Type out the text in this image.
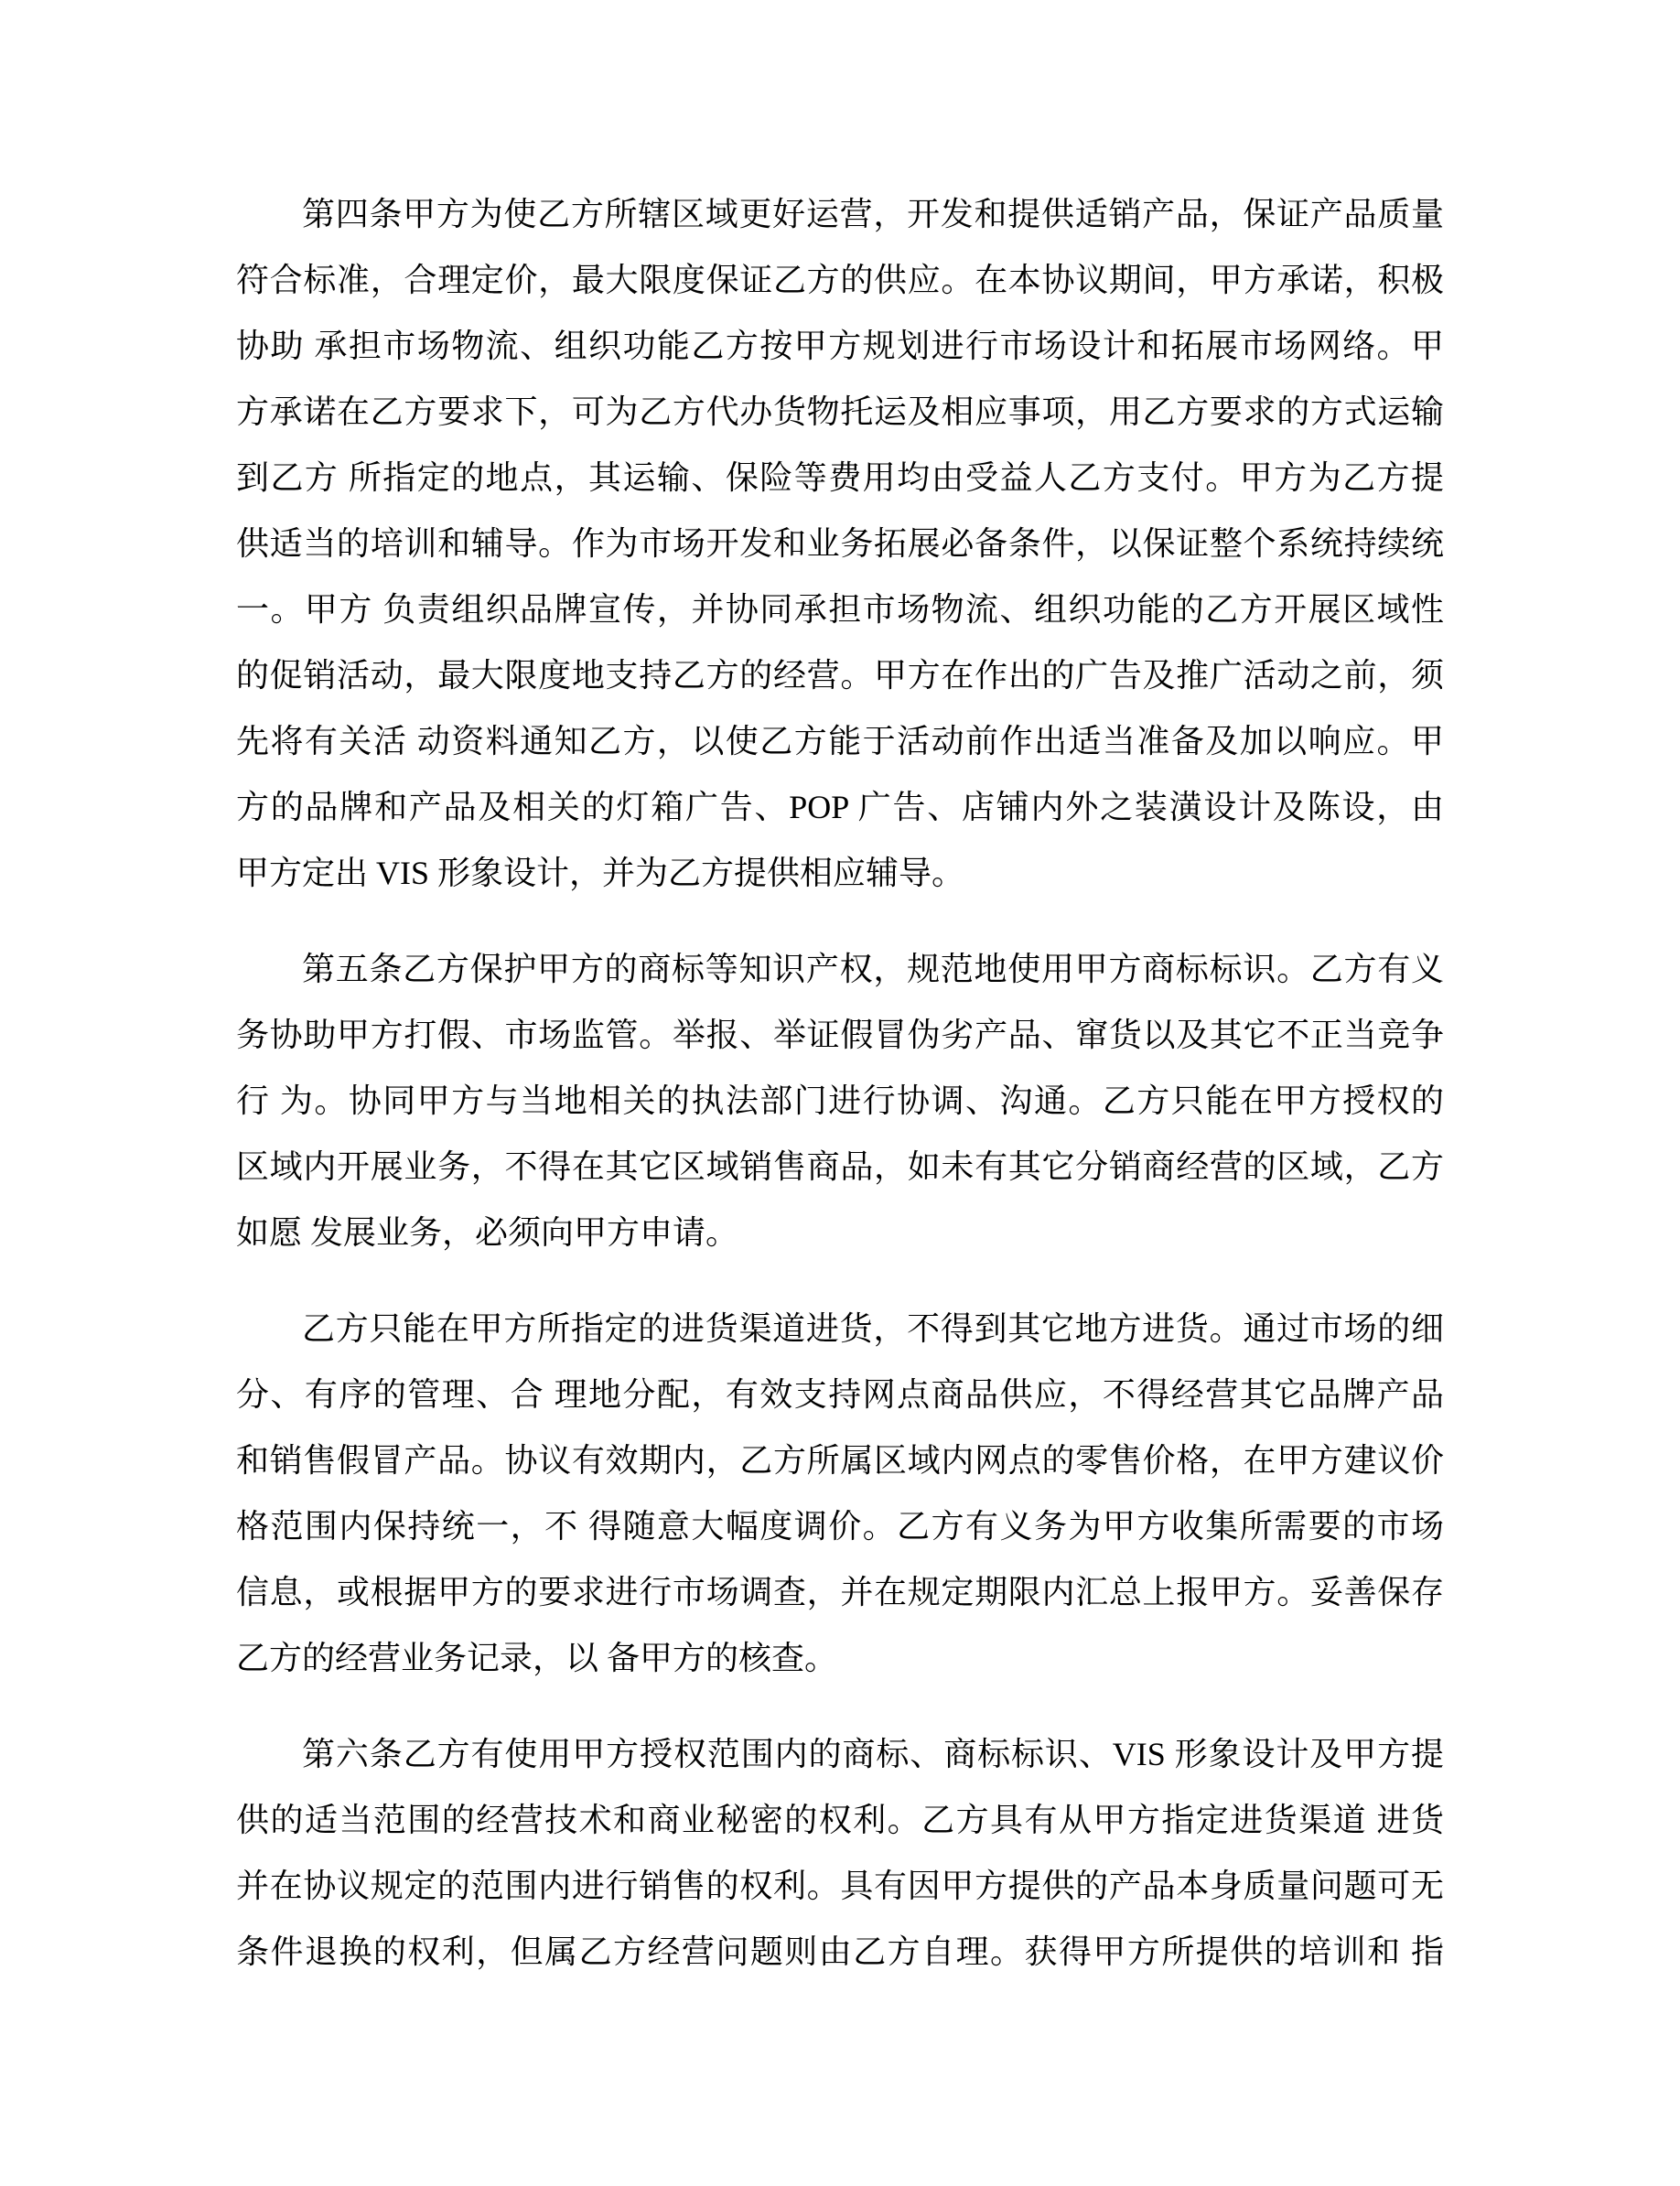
第四条甲方为使乙方所辖区域更好运营，开发和提供适销产品，保证产品质量
符合标准，合理定价，最大限度保证乙方的供应。在本协议期间，甲方承诺，积极
协助 承担市场物流、组织功能乙方按甲方规划进行市场设计和拓展市场网络。甲
方承诺在乙方要求下，可为乙方代办货物托运及相应事项，用乙方要求的方式运输
到乙方 所指定的地点，其运输、保险等费用均由受益人乙方支付。甲方为乙方提
供适当的培训和辅导。作为市场开发和业务拓展必备条件，以保证整个系统持续统
一。甲方 负责组织品牌宣传，并协同承担市场物流、组织功能的乙方开展区域性
的促销活动，最大限度地支持乙方的经营。甲方在作出的广告及推广活动之前，须
先将有关活 动资料通知乙方，以使乙方能于活动前作出适当准备及加以响应。甲
方的品牌和产品及相关的灯箱广告、POP 广告、店铺内外之装潢设计及陈设，由
甲方定出 VIS 形象设计，并为乙方提供相应辅导。

第五条乙方保护甲方的商标等知识产权，规范地使用甲方商标标识。乙方有义
务协助甲方打假、市场监管。举报、举证假冒伪劣产品、窜货以及其它不正当竞争
行 为。协同甲方与当地相关的执法部门进行协调、沟通。乙方只能在甲方授权的
区域内开展业务，不得在其它区域销售商品，如未有其它分销商经营的区域，乙方
如愿 发展业务，必须向甲方申请。

乙方只能在甲方所指定的进货渠道进货，不得到其它地方进货。通过市场的细
分、有序的管理、合 理地分配，有效支持网点商品供应，不得经营其它品牌产品
和销售假冒产品。协议有效期内，乙方所属区域内网点的零售价格，在甲方建议价
格范围内保持统一，不 得随意大幅度调价。乙方有义务为甲方收集所需要的市场
信息，或根据甲方的要求进行市场调查，并在规定期限内汇总上报甲方。妥善保存
乙方的经营业务记录，以 备甲方的核查。

第六条乙方有使用甲方授权范围内的商标、商标标识、VIS 形象设计及甲方提
供的适当范围的经营技术和商业秘密的权利。乙方具有从甲方指定进货渠道 进货
并在协议规定的范围内进行销售的权利。具有因甲方提供的产品本身质量问题可无
条件退换的权利，但属乙方经营问题则由乙方自理。获得甲方所提供的培训和 指
